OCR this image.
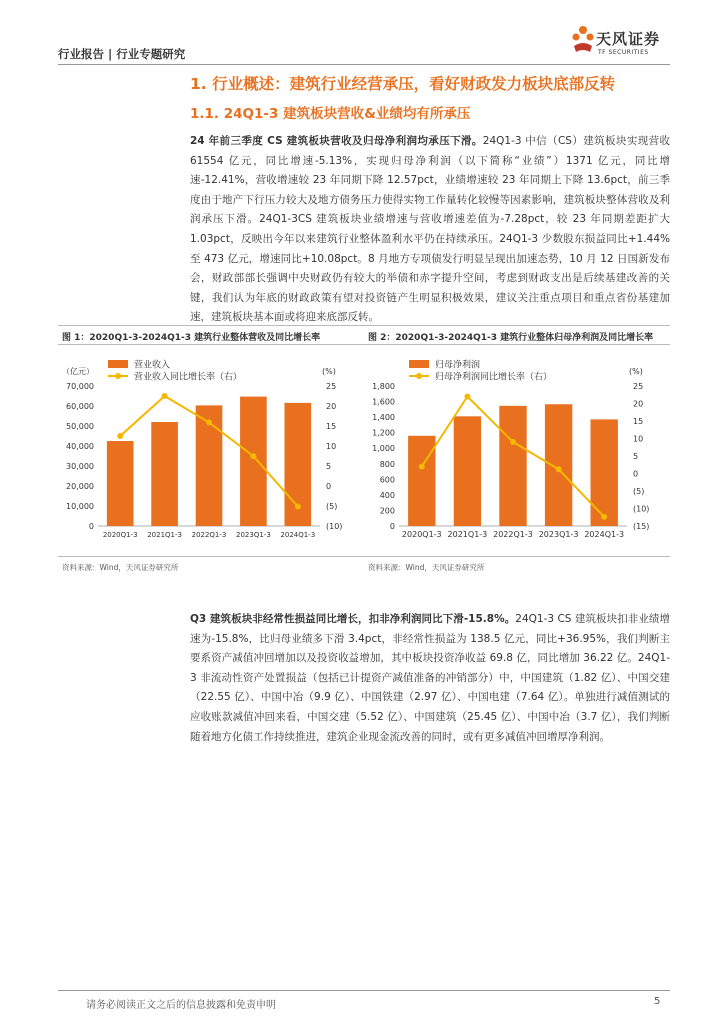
行业报告 | 行业专题研究
天风证券
TF SECURITIES
1. 行业概述：建筑行业经营承压，看好财政发力板块底部反转
1.1. 24Q1-3 建筑板块营收&业绩均有所承压
24 年前三季度 CS 建筑板块营收及归母净利润均承压下滑。24Q1-3 中信（CS）建筑板块实现营收 61554 亿元，同比增速-5.13%，实现归母净利润（以下简称“业绩”）1371 亿元，同比增速-12.41%，营收增速较 23 年同期下降 12.57pct，业绩增速较 23 年同期上下降 13.6pct，前三季度由于地产下行压力较大及地方债务压力使得实物工作量转化较慢等因素影响，建筑板块整体营收及利润承压下滑。24Q1-3CS 建筑板块业绩增速与营收增速差值为-7.28pct，较 23 年同期差距扩大 1.03pct，反映出今年以来建筑行业整体盈利水平仍在持续承压。24Q1-3 少数股东损益同比+1.44%至 473 亿元，增速同比+10.08pct。8 月地方专项债发行明显呈现出加速态势，10 月 12 日国新发布会，财政部部长强调中央财政仍有较大的举债和赤字提升空间，考虑到财政支出是后续基建改善的关键，我们认为年底的财政政策有望对投资链产生明显积极效果，建议关注重点项目和重点省份基建加速，建筑板块基本面或将迎来底部反转。
图 1：2020Q1-3-2024Q1-3 建筑行业整体营收及同比增长率	图 2：2020Q1-3-2024Q1-3 建筑行业整体归母净利润及同比增长率
（亿元）	(%)
70,000
60,000
50,000
40,000
30,000
20,000
10,000
0
25
20
15
10
5
0
(5)
(10)
2020Q1-3 2021Q1-3 2022Q1-3 2023Q1-3 2024Q1-3
营业收入
营业收入同比增长率（右）
(%)
1,800
1,600
1,400
1,200
1,000
800
600
400
200
0
25
20
15
10
5
0
(5)
(10)
(15)
2020Q1-3 2021Q1-3 2022Q1-3 2023Q1-3 2024Q1-3
归母净利润
归母净利润同比增长率（右）
资料来源：Wind，天风证券研究所	资料来源：Wind，天风证券研究所
Q3 建筑板块非经常性损益同比增长，扣非净利润同比下滑-15.8%。24Q1-3 CS 建筑板块扣非业绩增速为-15.8%，比归母业绩多下滑 3.4pct，非经常性损益为 138.5 亿元，同比+36.95%，我们判断主要系资产减值冲回增加以及投资收益增加，其中板块投资净收益 69.8 亿，同比增加 36.22 亿。24Q1-3 非流动性资产处置损益（包括已计提资产减值准备的冲销部分）中，中国建筑（1.82 亿）、中国交建（22.55 亿）、中国中冶（9.9 亿）、中国铁建（2.97 亿）、中国电建（7.64 亿）。单独进行减值测试的应收账款减值冲回来看，中国交建（5.52 亿）、中国建筑（25.45 亿）、中国中冶（3.7 亿），我们判断随着地方化债工作持续推进，建筑企业现金流改善的同时，或有更多减值冲回增厚净利润。
请务必阅读正文之后的信息披露和免责申明	5
